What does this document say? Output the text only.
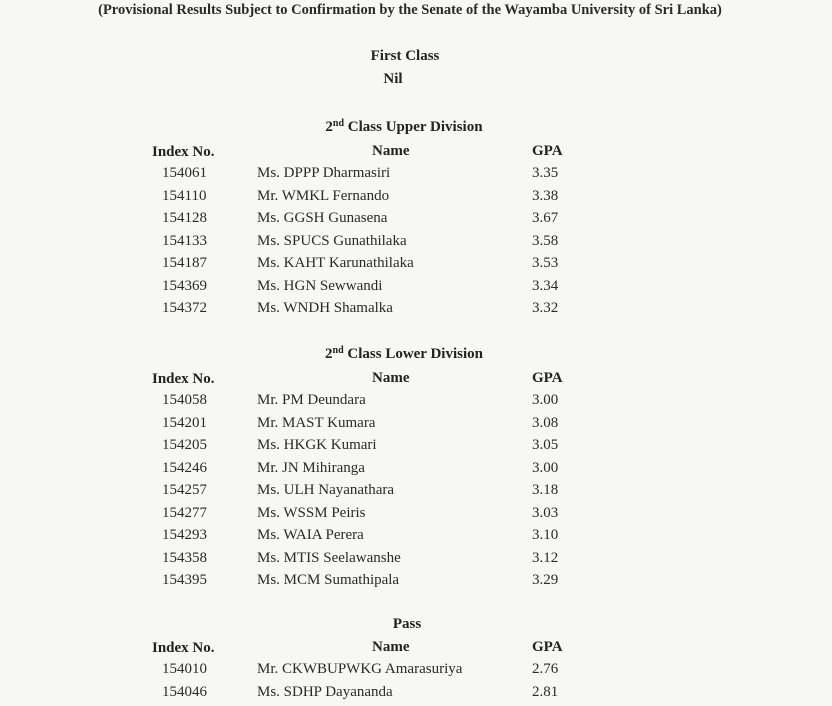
(Provisional Results Subject to Confirmation by the Senate of the Wayamba University of Sri Lanka)
First Class
Nil
2nd Class Upper Division
Index No.	Name	GPA
154061	Ms. DPPP Dharmasiri	3.35
154110	Mr. WMKL Fernando	3.38
154128	Ms. GGSH Gunasena	3.67
154133	Ms. SPUCS Gunathilaka	3.58
154187	Ms. KAHT Karunathilaka	3.53
154369	Ms. HGN Sewwandi	3.34
154372	Ms. WNDH Shamalka	3.32
2nd Class Lower Division
Index No.	Name	GPA
154058	Mr. PM Deundara	3.00
154201	Mr. MAST Kumara	3.08
154205	Ms. HKGK Kumari	3.05
154246	Mr. JN Mihiranga	3.00
154257	Ms. ULH Nayanathara	3.18
154277	Ms. WSSM Peiris	3.03
154293	Ms. WAIA Perera	3.10
154358	Ms. MTIS Seelawanshe	3.12
154395	Ms. MCM Sumathipala	3.29
Pass
Index No.	Name	GPA
154010	Mr. CKWBUPWKG Amarasuriya	2.76
154046	Ms. SDHP Dayananda	2.81
